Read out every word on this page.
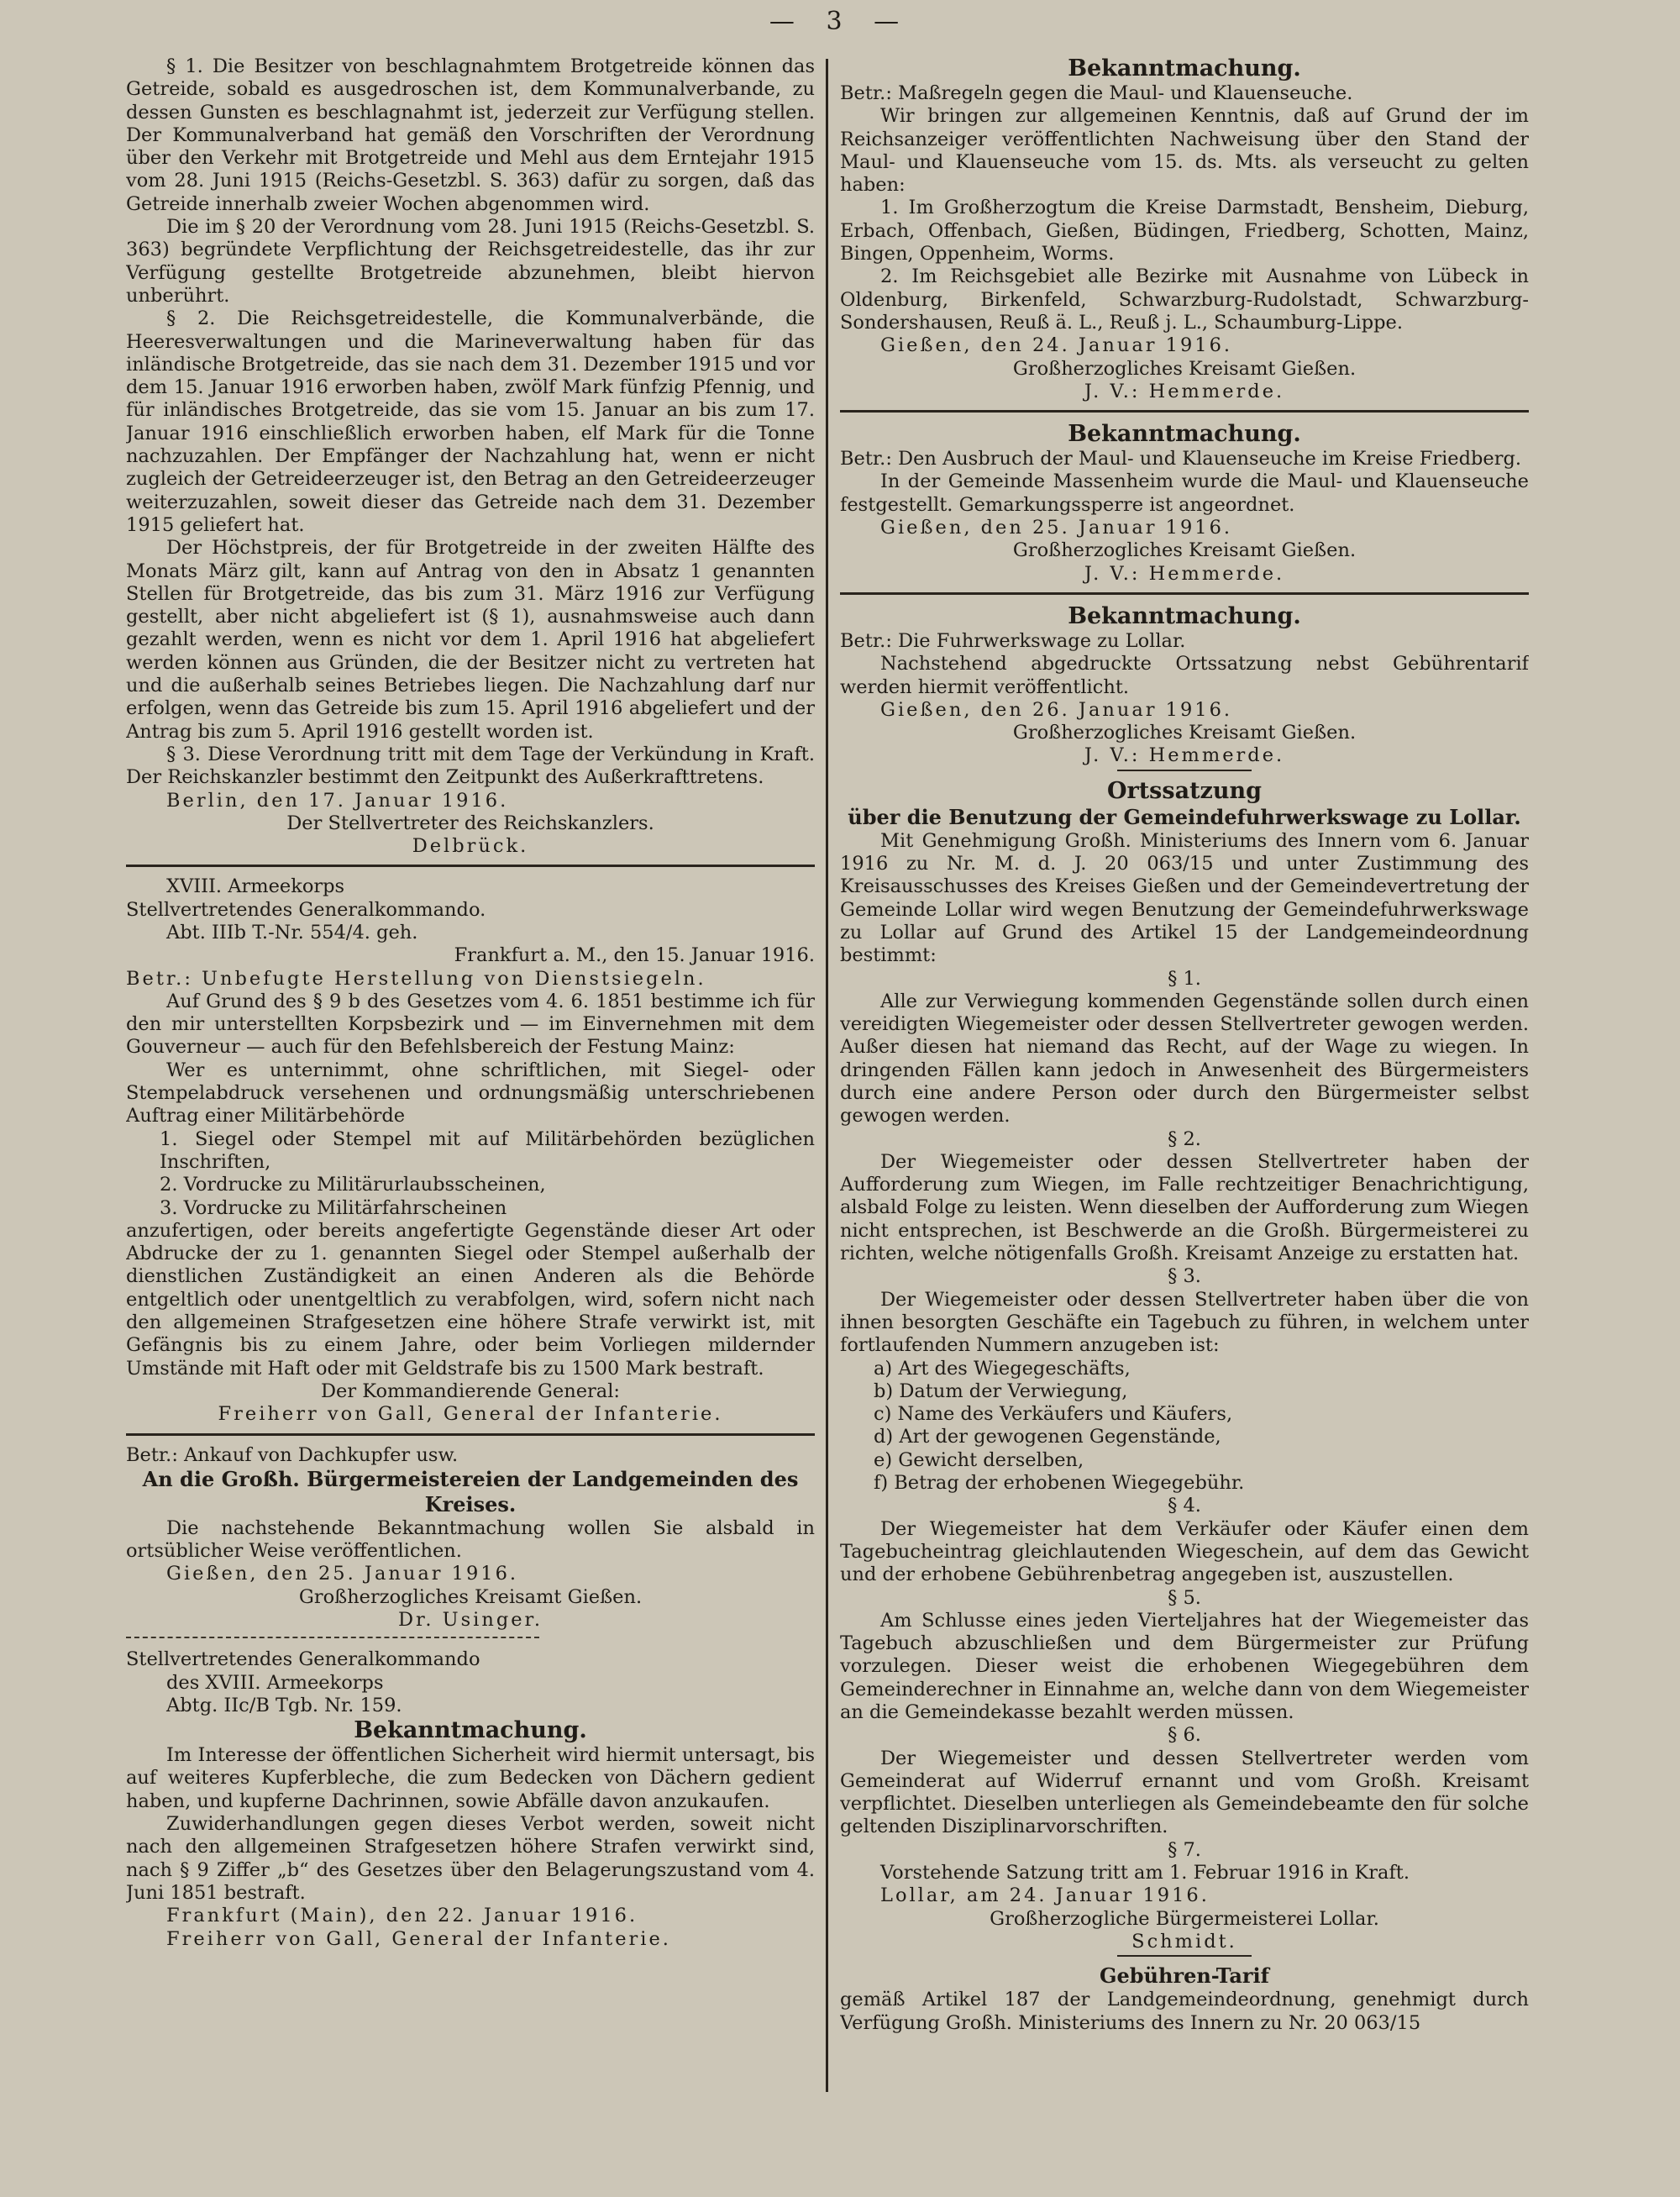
— 3 —

§ 1. Die Besitzer von beschlagnahmtem Brotgetreide können das Getreide, sobald es ausgedroschen ist, dem Kommunalverbande, zu dessen Gunsten es beschlagnahmt ist, jederzeit zur Verfügung stellen. Der Kommunalverband hat gemäß den Vorschriften der Verordnung über den Verkehr mit Brotgetreide und Mehl aus dem Erntejahr 1915 vom 28. Juni 1915 (Reichs-Gesetzbl. S. 363) dafür zu sorgen, daß das Getreide innerhalb zweier Wochen abgenommen wird.

Die im § 20 der Verordnung vom 28. Juni 1915 (Reichs-Gesetzbl. S. 363) begründete Verpflichtung der Reichsgetreidestelle, das ihr zur Verfügung gestellte Brotgetreide abzunehmen, bleibt hiervon unberührt.

§ 2. Die Reichsgetreidestelle, die Kommunalverbände, die Heeresverwaltungen und die Marineverwaltung haben für das inländische Brotgetreide, das sie nach dem 31. Dezember 1915 und vor dem 15. Januar 1916 erworben haben, zwölf Mark fünfzig Pfennig, und für inländisches Brotgetreide, das sie vom 15. Januar an bis zum 17. Januar 1916 einschließlich erworben haben, elf Mark für die Tonne nachzuzahlen. Der Empfänger der Nachzahlung hat, wenn er nicht zugleich der Getreideerzeuger ist, den Betrag an den Getreideerzeuger weiterzuzahlen, soweit dieser das Getreide nach dem 31. Dezember 1915 geliefert hat.

Der Höchstpreis, der für Brotgetreide in der zweiten Hälfte des Monats März gilt, kann auf Antrag von den in Absatz 1 genannten Stellen für Brotgetreide, das bis zum 31. März 1916 zur Verfügung gestellt, aber nicht abgeliefert ist (§ 1), ausnahmsweise auch dann gezahlt werden, wenn es nicht vor dem 1. April 1916 hat abgeliefert werden können aus Gründen, die der Besitzer nicht zu vertreten hat und die außerhalb seines Betriebes liegen. Die Nachzahlung darf nur erfolgen, wenn das Getreide bis zum 15. April 1916 abgeliefert und der Antrag bis zum 5. April 1916 gestellt worden ist.

§ 3. Diese Verordnung tritt mit dem Tage der Verkündung in Kraft. Der Reichskanzler bestimmt den Zeitpunkt des Außerkrafttretens.

Berlin, den 17. Januar 1916.

Der Stellvertreter des Reichskanzlers.

Delbrück.

XVIII. Armeekorps

Stellvertretendes Generalkommando.

Abt. IIIb T.-Nr. 554/4. geh.

Frankfurt a. M., den 15. Januar 1916.

Betr.: Unbefugte Herstellung von Dienstsiegeln.

Auf Grund des § 9 b des Gesetzes vom 4. 6. 1851 bestimme ich für den mir unterstellten Korpsbezirk und — im Einvernehmen mit dem Gouverneur — auch für den Befehlsbereich der Festung Mainz:

Wer es unternimmt, ohne schriftlichen, mit Siegel- oder Stempelabdruck versehenen und ordnungsmäßig unterschriebenen Auftrag einer Militärbehörde

1. Siegel oder Stempel mit auf Militärbehörden bezüglichen Inschriften,

2. Vordrucke zu Militärurlaubsscheinen,

3. Vordrucke zu Militärfahrscheinen

anzufertigen, oder bereits angefertigte Gegenstände dieser Art oder Abdrucke der zu 1. genannten Siegel oder Stempel außerhalb der dienstlichen Zuständigkeit an einen Anderen als die Behörde entgeltlich oder unentgeltlich zu verabfolgen, wird, sofern nicht nach den allgemeinen Strafgesetzen eine höhere Strafe verwirkt ist, mit Gefängnis bis zu einem Jahre, oder beim Vorliegen mildernder Umstände mit Haft oder mit Geldstrafe bis zu 1500 Mark bestraft.

Der Kommandierende General:

Freiherr von Gall, General der Infanterie.

Betr.: Ankauf von Dachkupfer usw.

An die Großh. Bürgermeistereien der Landgemeinden des Kreises.

Die nachstehende Bekanntmachung wollen Sie alsbald in ortsüblicher Weise veröffentlichen.

Gießen, den 25. Januar 1916.

Großherzogliches Kreisamt Gießen.

Dr. Usinger.

Stellvertretendes Generalkommando

des XVIII. Armeekorps

Abtg. IIc/B Tgb. Nr. 159.

Bekanntmachung.

Im Interesse der öffentlichen Sicherheit wird hiermit untersagt, bis auf weiteres Kupferbleche, die zum Bedecken von Dächern gedient haben, und kupferne Dachrinnen, sowie Abfälle davon anzukaufen.

Zuwiderhandlungen gegen dieses Verbot werden, soweit nicht nach den allgemeinen Strafgesetzen höhere Strafen verwirkt sind, nach § 9 Ziffer „b“ des Gesetzes über den Belagerungszustand vom 4. Juni 1851 bestraft.

Frankfurt (Main), den 22. Januar 1916.

Freiherr von Gall, General der Infanterie.

Bekanntmachung.

Betr.: Maßregeln gegen die Maul- und Klauenseuche.

Wir bringen zur allgemeinen Kenntnis, daß auf Grund der im Reichsanzeiger veröffentlichten Nachweisung über den Stand der Maul- und Klauenseuche vom 15. ds. Mts. als verseucht zu gelten haben:

1. Im Großherzogtum die Kreise Darmstadt, Bensheim, Dieburg, Erbach, Offenbach, Gießen, Büdingen, Friedberg, Schotten, Mainz, Bingen, Oppenheim, Worms.

2. Im Reichsgebiet alle Bezirke mit Ausnahme von Lübeck in Oldenburg, Birkenfeld, Schwarzburg-Rudolstadt, Schwarzburg-Sondershausen, Reuß ä. L., Reuß j. L., Schaumburg-Lippe.

Gießen, den 24. Januar 1916.

Großherzogliches Kreisamt Gießen.

J. V.: Hemmerde.

Bekanntmachung.

Betr.: Den Ausbruch der Maul- und Klauenseuche im Kreise Friedberg.

In der Gemeinde Massenheim wurde die Maul- und Klauenseuche festgestellt. Gemarkungssperre ist angeordnet.

Gießen, den 25. Januar 1916.

Großherzogliches Kreisamt Gießen.

J. V.: Hemmerde.

Bekanntmachung.

Betr.: Die Fuhrwerkswage zu Lollar.

Nachstehend abgedruckte Ortssatzung nebst Gebührentarif werden hiermit veröffentlicht.

Gießen, den 26. Januar 1916.

Großherzogliches Kreisamt Gießen.

J. V.: Hemmerde.

Ortssatzung

über die Benutzung der Gemeindefuhrwerkswage zu Lollar.

Mit Genehmigung Großh. Ministeriums des Innern vom 6. Januar 1916 zu Nr. M. d. J. 20 063/15 und unter Zustimmung des Kreisausschusses des Kreises Gießen und der Gemeindevertretung der Gemeinde Lollar wird wegen Benutzung der Gemeindefuhrwerkswage zu Lollar auf Grund des Artikel 15 der Landgemeindeordnung bestimmt:

§ 1.

Alle zur Verwiegung kommenden Gegenstände sollen durch einen vereidigten Wiegemeister oder dessen Stellvertreter gewogen werden. Außer diesen hat niemand das Recht, auf der Wage zu wiegen. In dringenden Fällen kann jedoch in Anwesenheit des Bürgermeisters durch eine andere Person oder durch den Bürgermeister selbst gewogen werden.

§ 2.

Der Wiegemeister oder dessen Stellvertreter haben der Aufforderung zum Wiegen, im Falle rechtzeitiger Benachrichtigung, alsbald Folge zu leisten. Wenn dieselben der Aufforderung zum Wiegen nicht entsprechen, ist Beschwerde an die Großh. Bürgermeisterei zu richten, welche nötigenfalls Großh. Kreisamt Anzeige zu erstatten hat.

§ 3.

Der Wiegemeister oder dessen Stellvertreter haben über die von ihnen besorgten Geschäfte ein Tagebuch zu führen, in welchem unter fortlaufenden Nummern anzugeben ist:

a) Art des Wiegegeschäfts,

b) Datum der Verwiegung,

c) Name des Verkäufers und Käufers,

d) Art der gewogenen Gegenstände,

e) Gewicht derselben,

f) Betrag der erhobenen Wiegegebühr.

§ 4.

Der Wiegemeister hat dem Verkäufer oder Käufer einen dem Tagebucheintrag gleichlautenden Wiegeschein, auf dem das Gewicht und der erhobene Gebührenbetrag angegeben ist, auszustellen.

§ 5.

Am Schlusse eines jeden Vierteljahres hat der Wiegemeister das Tagebuch abzuschließen und dem Bürgermeister zur Prüfung vorzulegen. Dieser weist die erhobenen Wiegegebühren dem Gemeinderechner in Einnahme an, welche dann von dem Wiegemeister an die Gemeindekasse bezahlt werden müssen.

§ 6.

Der Wiegemeister und dessen Stellvertreter werden vom Gemeinderat auf Widerruf ernannt und vom Großh. Kreisamt verpflichtet. Dieselben unterliegen als Gemeindebeamte den für solche geltenden Disziplinarvorschriften.

§ 7.

Vorstehende Satzung tritt am 1. Februar 1916 in Kraft.

Lollar, am 24. Januar 1916.

Großherzogliche Bürgermeisterei Lollar.

Schmidt.

Gebühren-Tarif

gemäß Artikel 187 der Landgemeindeordnung, genehmigt durch Verfügung Großh. Ministeriums des Innern zu Nr. 20 063/15
